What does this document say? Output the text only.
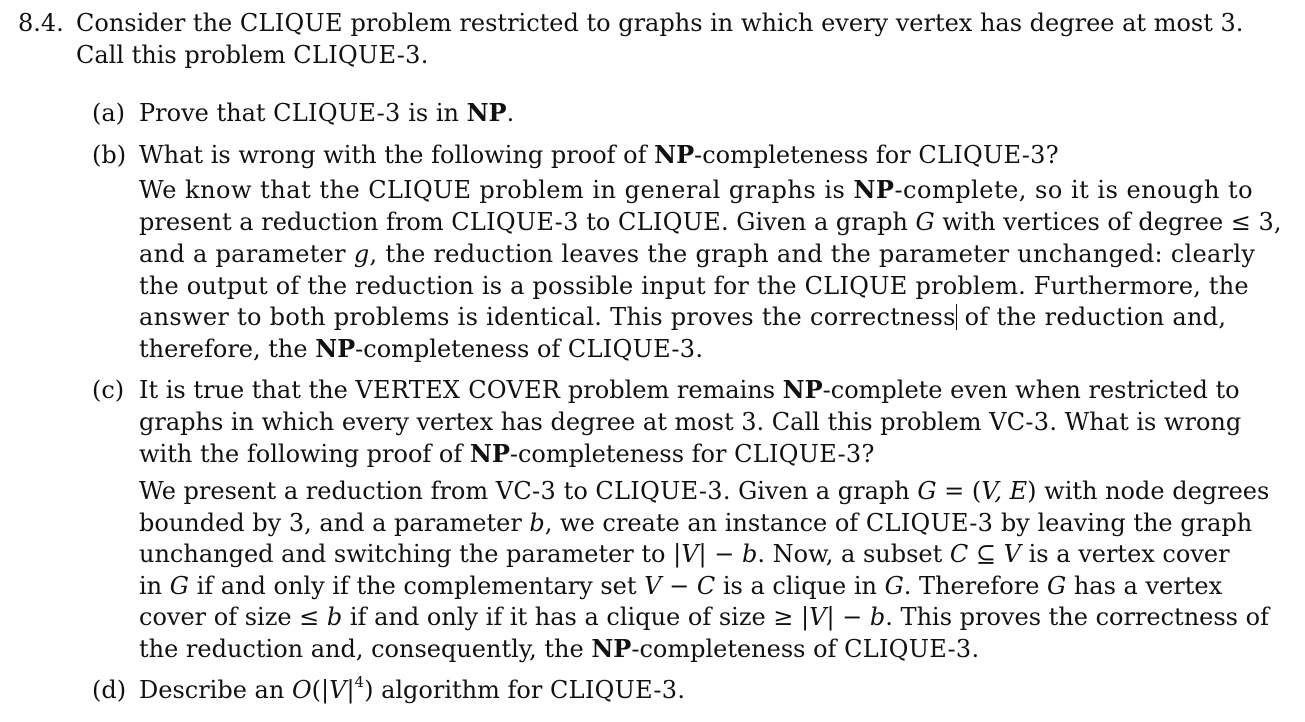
8.4. Consider the CLIQUE problem restricted to graphs in which every vertex has degree at most 3.
Call this problem CLIQUE-3.
(a) Prove that CLIQUE-3 is in NP.
(b) What is wrong with the following proof of NP-completeness for CLIQUE-3?
We know that the CLIQUE problem in general graphs is NP-complete, so it is enough to
present a reduction from CLIQUE-3 to CLIQUE. Given a graph G with vertices of degree ≤ 3,
and a parameter g, the reduction leaves the graph and the parameter unchanged: clearly
the output of the reduction is a possible input for the CLIQUE problem. Furthermore, the
answer to both problems is identical. This proves the correctness of the reduction and,
therefore, the NP-completeness of CLIQUE-3.
(c) It is true that the VERTEX COVER problem remains NP-complete even when restricted to
graphs in which every vertex has degree at most 3. Call this problem VC-3. What is wrong
with the following proof of NP-completeness for CLIQUE-3?
We present a reduction from VC-3 to CLIQUE-3. Given a graph G = (V, E) with node degrees
bounded by 3, and a parameter b, we create an instance of CLIQUE-3 by leaving the graph
unchanged and switching the parameter to |V| − b. Now, a subset C ⊆ V is a vertex cover
in G if and only if the complementary set V − C is a clique in G. Therefore G has a vertex
cover of size ≤ b if and only if it has a clique of size ≥ |V| − b. This proves the correctness of
the reduction and, consequently, the NP-completeness of CLIQUE-3.
(d) Describe an $O(|V|^4)$ algorithm for CLIQUE-3.
